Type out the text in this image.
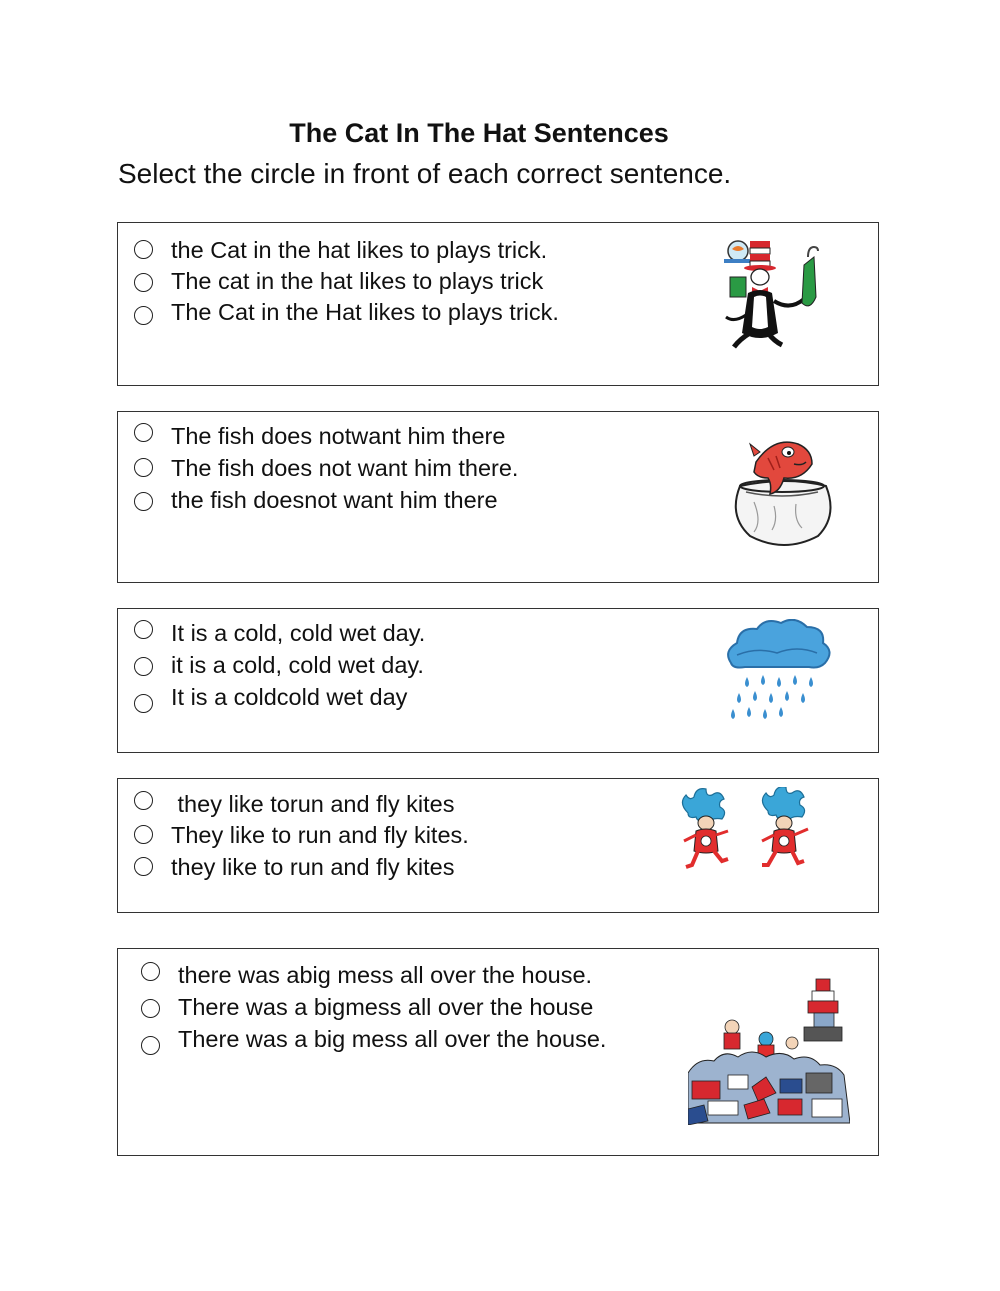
The Cat In The Hat Sentences
Select the circle in front of each correct sentence.
the Cat in the hat likes to plays trick.
The cat in the hat likes to plays trick
The Cat in the Hat likes to plays trick.
The fish does notwant him there
The fish does not want him there.
the fish doesnot want him there
It is a cold, cold wet day.
it is a cold, cold wet day.
It is a coldcold wet day
they like torun and fly kites
They like to run and fly kites.
they like to run and fly kites
there was abig mess all over the house.
There was a bigmess all over the house
There was a big mess all over the house.
